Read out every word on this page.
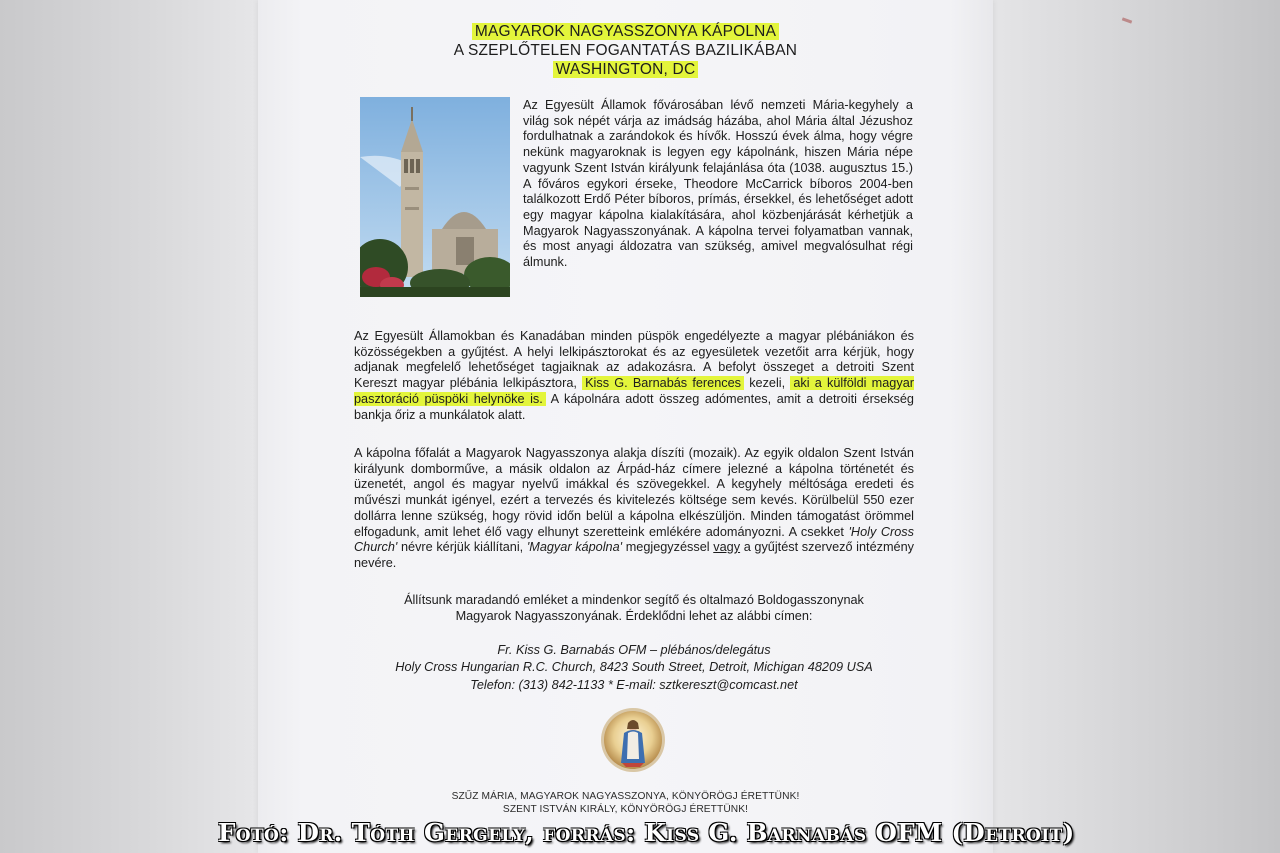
MAGYAROK NAGYASSZONYA KÁPOLNA
A SZEPLŐTELEN FOGANTATÁS BAZILIKÁBAN
WASHINGTON, DC
Az Egyesült Államok fővárosában lévő nemzeti Mária-kegyhely a világ sok népét várja az imádság házába, ahol Mária által Jézushoz fordulhatnak a zarándokok és hívők. Hosszú évek álma, hogy végre nekünk magyaroknak is legyen egy kápolnánk, hiszen Mária népe vagyunk Szent István királyunk felajánlása óta (1038. augusztus 15.) A főváros egykori érseke, Theodore McCarrick bíboros 2004-ben találkozott Erdő Péter bíboros, prímás, érsekkel, és lehetőséget adott egy magyar kápolna kialakítására, ahol közbenjárását kérhetjük a Magyarok Nagyasszonyának. A kápolna tervei folyamatban vannak, és most anyagi áldozatra van szükség, amivel megvalósulhat régi álmunk.
Az Egyesült Államokban és Kanadában minden püspök engedélyezte a magyar plébániákon és közösségekben a gyűjtést. A helyi lelkipásztorokat és az egyesületek vezetőit arra kérjük, hogy adjanak megfelelő lehetőséget tagjaiknak az adakozásra. A befolyt összeget a detroiti Szent Kereszt magyar plébánia lelkipásztora, Kiss G. Barnabás ferences kezeli, aki a külföldi magyar pasztoráció püspöki helynöke is. A kápolnára adott összeg adómentes, amit a detroiti érsekség bankja őriz a munkálatok alatt.
A kápolna főfalát a Magyarok Nagyasszonya alakja díszíti (mozaik). Az egyik oldalon Szent István királyunk domborműve, a másik oldalon az Árpád-ház címere jelezné a kápolna történetét és üzenetét, angol és magyar nyelvű imákkal és szövegekkel. A kegyhely méltósága eredeti és művészi munkát igényel, ezért a tervezés és kivitelezés költsége sem kevés. Körülbelül 550 ezer dollárra lenne szükség, hogy rövid időn belül a kápolna elkészüljön. Minden támogatást örömmel elfogadunk, amit lehet élő vagy elhunyt szeretteink emlékére adományozni. A csekket 'Holy Cross Church' névre kérjük kiállítani, 'Magyar kápolna' megjegyzéssel vagy a gyűjtést szervező intézmény nevére.
Állítsunk maradandó emléket a mindenkor segítő és oltalmazó Boldogasszonynak
Magyarok Nagyasszonyának. Érdeklődni lehet az alábbi címen:
Fr. Kiss G. Barnabás OFM – plébános/delegátus
Holy Cross Hungarian R.C. Church, 8423 South Street, Detroit, Michigan 48209 USA
Telefon: (313) 842-1133 * E-mail: sztkereszt@comcast.net
SZŰZ MÁRIA, MAGYAROK NAGYASSZONYA, KÖNYÖRÖGJ ÉRETTÜNK!
SZENT ISTVÁN KIRÁLY, KÖNYÖRÖGJ ÉRETTÜNK!
Fotó: Dr. Tóth Gergely, forrás: Kiss G. Barnabás OFM (Detroit)
